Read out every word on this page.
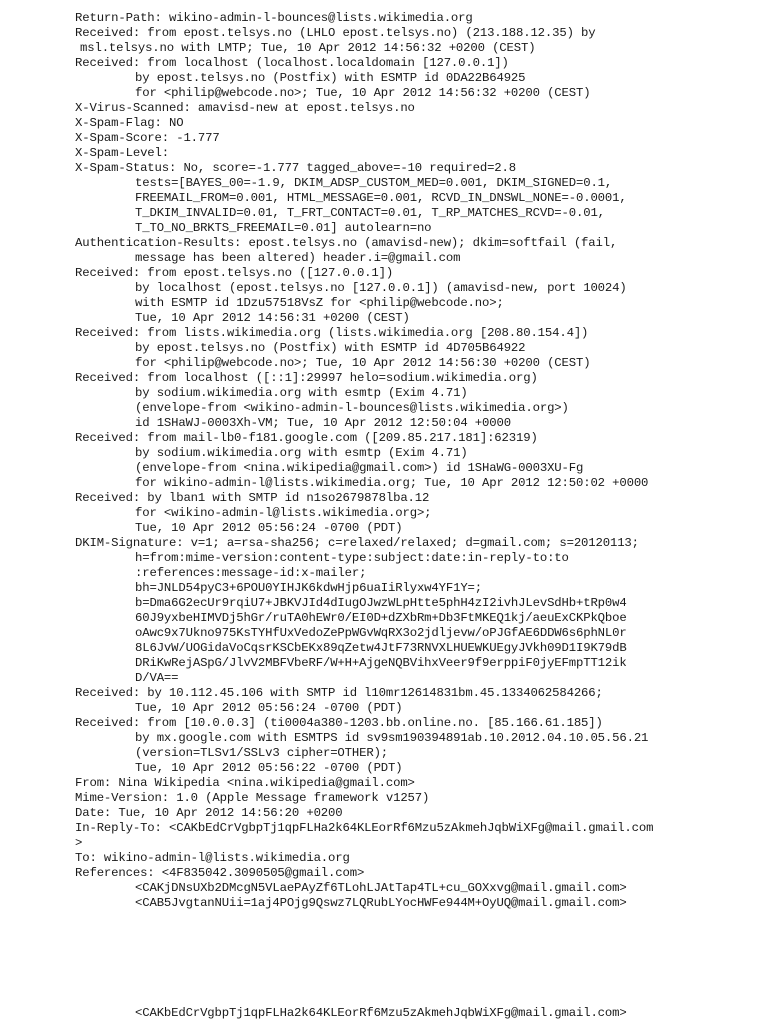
Return-Path: wikino-admin-l-bounces@lists.wikimedia.org
Received: from epost.telsys.no (LHLO epost.telsys.no) (213.188.12.35) by
msl.telsys.no with LMTP; Tue, 10 Apr 2012 14:56:32 +0200 (CEST)
Received: from localhost (localhost.localdomain [127.0.0.1])
by epost.telsys.no (Postfix) with ESMTP id 0DA22B64925
for <philip@webcode.no>; Tue, 10 Apr 2012 14:56:32 +0200 (CEST)
X-Virus-Scanned: amavisd-new at epost.telsys.no
X-Spam-Flag: NO
X-Spam-Score: -1.777
X-Spam-Level:
X-Spam-Status: No, score=-1.777 tagged_above=-10 required=2.8
tests=[BAYES_00=-1.9, DKIM_ADSP_CUSTOM_MED=0.001, DKIM_SIGNED=0.1,
FREEMAIL_FROM=0.001, HTML_MESSAGE=0.001, RCVD_IN_DNSWL_NONE=-0.0001,
T_DKIM_INVALID=0.01, T_FRT_CONTACT=0.01, T_RP_MATCHES_RCVD=-0.01,
T_TO_NO_BRKTS_FREEMAIL=0.01] autolearn=no
Authentication-Results: epost.telsys.no (amavisd-new); dkim=softfail (fail,
message has been altered) header.i=@gmail.com
Received: from epost.telsys.no ([127.0.0.1])
by localhost (epost.telsys.no [127.0.0.1]) (amavisd-new, port 10024)
with ESMTP id 1Dzu57518VsZ for <philip@webcode.no>;
Tue, 10 Apr 2012 14:56:31 +0200 (CEST)
Received: from lists.wikimedia.org (lists.wikimedia.org [208.80.154.4])
by epost.telsys.no (Postfix) with ESMTP id 4D705B64922
for <philip@webcode.no>; Tue, 10 Apr 2012 14:56:30 +0200 (CEST)
Received: from localhost ([::1]:29997 helo=sodium.wikimedia.org)
by sodium.wikimedia.org with esmtp (Exim 4.71)
(envelope-from <wikino-admin-l-bounces@lists.wikimedia.org>)
id 1SHaWJ-0003Xh-VM; Tue, 10 Apr 2012 12:50:04 +0000
Received: from mail-lb0-f181.google.com ([209.85.217.181]:62319)
by sodium.wikimedia.org with esmtp (Exim 4.71)
(envelope-from <nina.wikipedia@gmail.com>) id 1SHaWG-0003XU-Fg
for wikino-admin-l@lists.wikimedia.org; Tue, 10 Apr 2012 12:50:02 +0000
Received: by lban1 with SMTP id n1so2679878lba.12
for <wikino-admin-l@lists.wikimedia.org>;
Tue, 10 Apr 2012 05:56:24 -0700 (PDT)
DKIM-Signature: v=1; a=rsa-sha256; c=relaxed/relaxed; d=gmail.com; s=20120113;
h=from:mime-version:content-type:subject:date:in-reply-to:to
:references:message-id:x-mailer;
bh=JNLD54pyC3+6POU0YIHJK6kdwHjp6uaIiRlyxw4YF1Y=;
b=Dma6G2ecUr9rqiU7+JBKVJId4dIugOJwzWLpHtte5phH4zI2ivhJLevSdHb+tRp0w4
60J9yxbeHIMVDj5hGr/ruTA0hEWr0/EI0D+dZXbRm+Db3FtMKEQ1kj/aeuExCKPkQboe
oAwc9x7Ukno975KsTYHfUxVedoZePpWGvWqRX3o2jdljevw/oPJGfAE6DDW6s6phNL0r
8L6JvW/UOGidaVoCqsrKSCbEKx89qZetw4JtF73RNVXLHUEWKUEgyJVkh09D1I9K79dB
DRiKwRejASpG/JlvV2MBFVbeRF/W+H+AjgeNQBVihxVeer9f9erppiF0jyEFmpTT12ik
D/VA==
Received: by 10.112.45.106 with SMTP id l10mr12614831bm.45.1334062584266;
Tue, 10 Apr 2012 05:56:24 -0700 (PDT)
Received: from [10.0.0.3] (ti0004a380-1203.bb.online.no. [85.166.61.185])
by mx.google.com with ESMTPS id sv9sm190394891ab.10.2012.04.10.05.56.21
(version=TLSv1/SSLv3 cipher=OTHER);
Tue, 10 Apr 2012 05:56:22 -0700 (PDT)
From: Nina Wikipedia <nina.wikipedia@gmail.com>
Mime-Version: 1.0 (Apple Message framework v1257)
Date: Tue, 10 Apr 2012 14:56:20 +0200
In-Reply-To: <CAKbEdCrVgbpTj1qpFLHa2k64KLEorRf6Mzu5zAkmehJqbWiXFg@mail.gmail.com
>
To: wikino-admin-l@lists.wikimedia.org
References: <4F835042.3090505@gmail.com>
<CAKjDNsUXb2DMcgN5VLaePAyZf6TLohLJAtTap4TL+cu_GOXxvg@mail.gmail.com>
<CAB5JvgtanNUii=1aj4POjg9Qswz7LQRubLYocHWFe944M+OyUQ@mail.gmail.com>
<CAKbEdCrVgbpTj1qpFLHa2k64KLEorRf6Mzu5zAkmehJqbWiXFg@mail.gmail.com>
